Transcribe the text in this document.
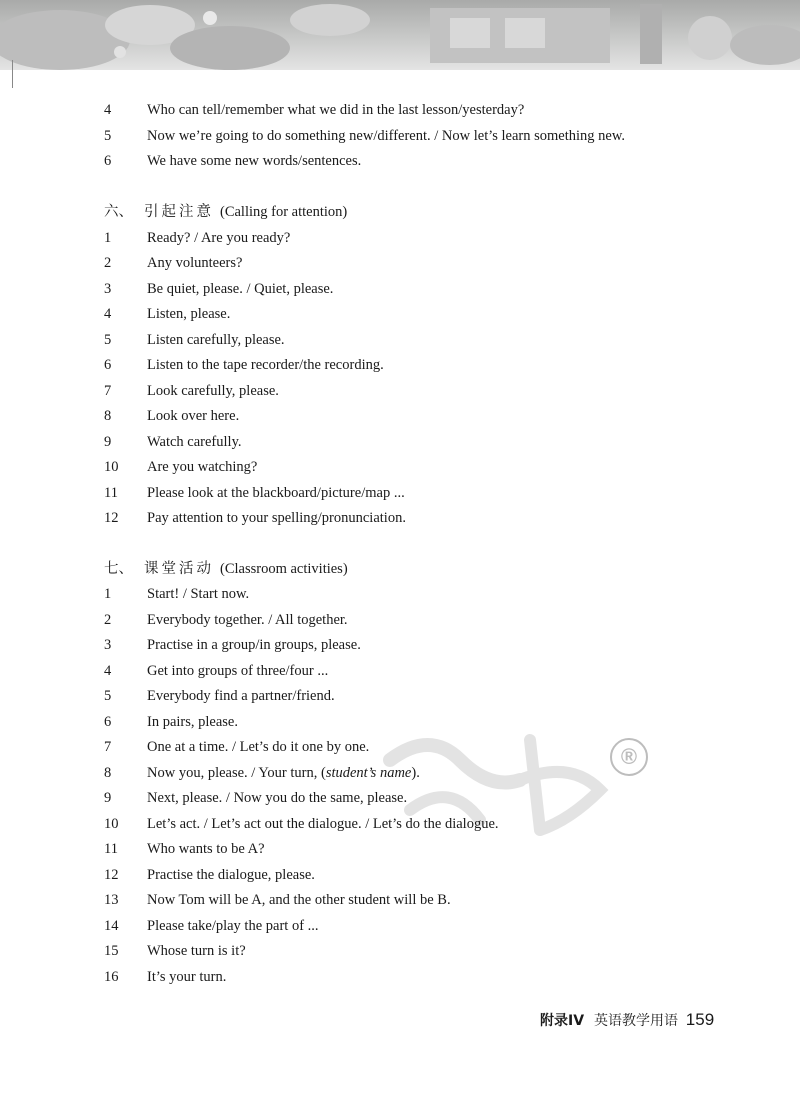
®
4	Who can tell/remember what we did in the last lesson/yesterday?
5	Now we’re going to do something new/different. / Now let’s learn something new.
6	We have some new words/sentences.
六、 引起注意 (Calling for attention)
1	Ready? / Are you ready?
2	Any volunteers?
3	Be quiet, please. / Quiet, please.
4	Listen, please.
5	Listen carefully, please.
6	Listen to the tape recorder/the recording.
7	Look carefully, please.
8	Look over here.
9	Watch carefully.
10	Are you watching?
11	Please look at the blackboard/picture/map ...
12	Pay attention to your spelling/pronunciation.
七、 课堂活动 (Classroom activities)
1	Start! / Start now.
2	Everybody together. / All together.
3	Practise in a group/in groups, please.
4	Get into groups of three/four ...
5	Everybody find a partner/friend.
6	In pairs, please.
7	One at a time. / Let’s do it one by one.
8	Now you, please. / Your turn, (student’s name).
9	Next, please. / Now you do the same, please.
10	Let’s act. / Let’s act out the dialogue. / Let’s do the dialogue.
11	Who wants to be A?
12	Practise the dialogue, please.
13	Now Tom will be A, and the other student will be B.
14	Please take/play the part of ...
15	Whose turn is it?
16	It’s your turn.
附录IV 英语教学用语 159
